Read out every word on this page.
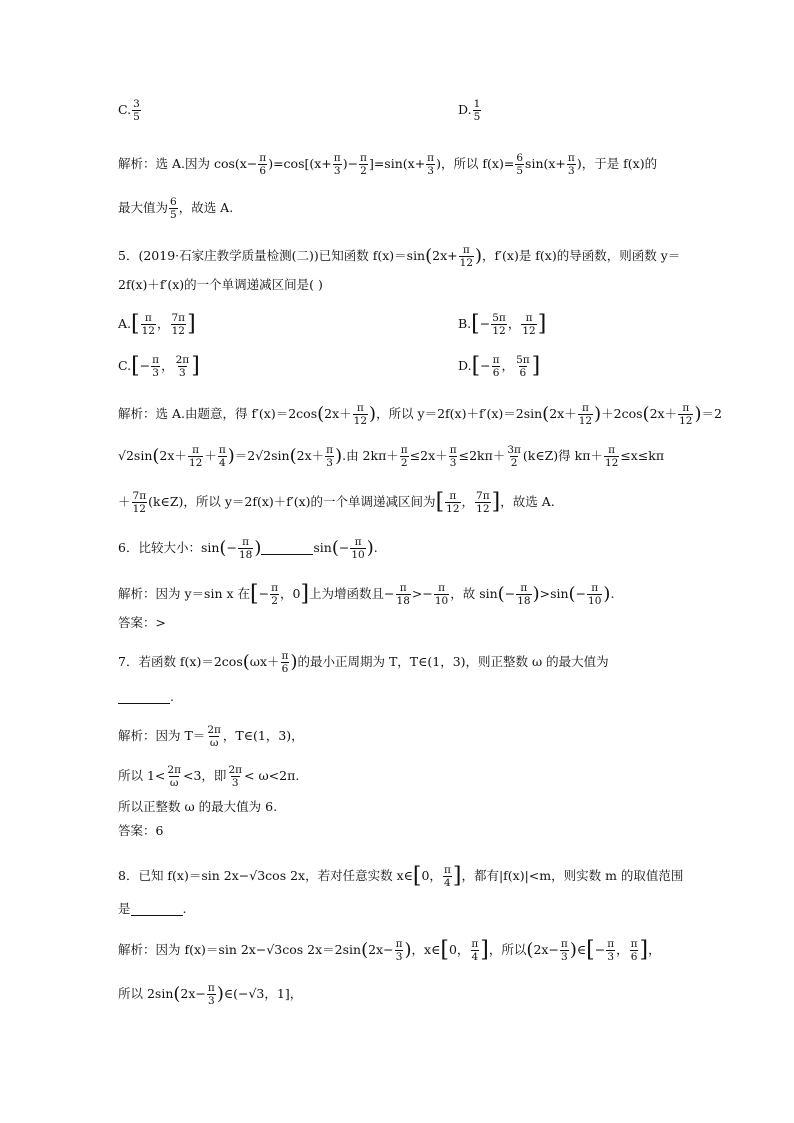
C. $\frac{3}{5}$	D. $\frac{1}{5}$
解析：选 A.因为 $\cos(x- \frac{\pi}{6} )=\cos[(x+ \frac{\pi}{3}$ )− $\frac{\pi}{2} ]=\sin(x+ \frac{\pi}{3}$ )，所以 $f(x)= \frac{6}{5} \sin(x+ \frac{\pi}{3}$ )，于是 f(x)的
最大值为 $\frac{6}{5}$ ，故选 A.
5．(2019·石家庄教学质量检测(二))已知函数 $f(x)=\sin(2x+ \frac{\pi}{12}$ )，f′(x)是 f(x)的导函数，则函数 y＝
2f(x)＋f′(x)的一个单调递减区间是( )
$A.[ \frac{\pi}{12}$ ， $\frac{7\pi}{12}$ ]	$B.[- \frac{5\pi}{12}$ ， $\frac{\pi}{12}$ ]
$C.[- \frac{\pi}{3}$ ， $\frac{2\pi}{3}$ ]	$D.[- \frac{\pi}{6}$ ， $\frac{5\pi}{6}$ ]
解析：选 A.由题意，得 $f'(x)=2\cos(2x+ \frac{\pi}{12}$ )，所以 $y=2f(x)+f'(x)=2\sin(2x+ \frac{\pi}{12} )+2\cos(2x+ \frac{\pi}{12} )=2$
$√2\sin(2x+ \frac{\pi}{12} + \frac{\pi}{4} )=2√2\sin(2x+ \frac{\pi}{3}$ ).由 $2k\pi+ \frac{\pi}{2} \le 2x+ \frac{\pi}{3} \le 2k\pi+ \frac{3\pi}{2}$ (k∈Z)得 $k\pi+ \frac{\pi}{12} \le x\le k\pi$
＋ $\frac{7\pi}{12}$ (k∈Z)，所以 y＝2f(x)＋f′(x)的一个单调递减区间为[ $\frac{\pi}{12}$ ， $\frac{7\pi}{12}$ ]，故选 A.
6．比较大小：$\sin(- \frac{\pi}{18}$ )	$\sin(- \frac{\pi}{10}$ ).
解析：因为 y＝sin x 在[− $\frac{\pi}{2}$ ，0]上为增函数且− $\frac{\pi}{18} >- \frac{\pi}{10}$ ，故 $\sin(- \frac{\pi}{18} )>\sin(- \frac{\pi}{10}$ ).
答案：>
7．若函数 $f(x)=2\cos(\omega x+ \frac{\pi}{6}$ )的最小正周期为 T，T∈(1，3)，则正整数 ω 的最大值为
.
解析：因为 $T= \frac{2\pi}{\omega}$ ，T∈(1，3)，
所以 $1< \frac{2\pi}{\omega} <3$，即 $\frac{2\pi}{3} < \omega<2\pi$.
所以正整数 ω 的最大值为 6.
答案：6
8．已知 f(x)＝sin 2x−√3cos 2x，若对任意实数 x∈[0， $\frac{\pi}{4}$ ]，都有|f(x)|<m，则实数 m 的取值范围
是	.
解析：因为 f(x)＝sin 2x−√3cos $2x=2\sin(2x- \frac{\pi}{3}$ )，x∈[0， $\frac{\pi}{4}$ ]，所以($2x- \frac{\pi}{3}$ )∈[− $\frac{\pi}{3}$ ， $\frac{\pi}{6}$ ]，
所以 $2\sin(2x- \frac{\pi}{3}$ )∈(−√3，1]，
